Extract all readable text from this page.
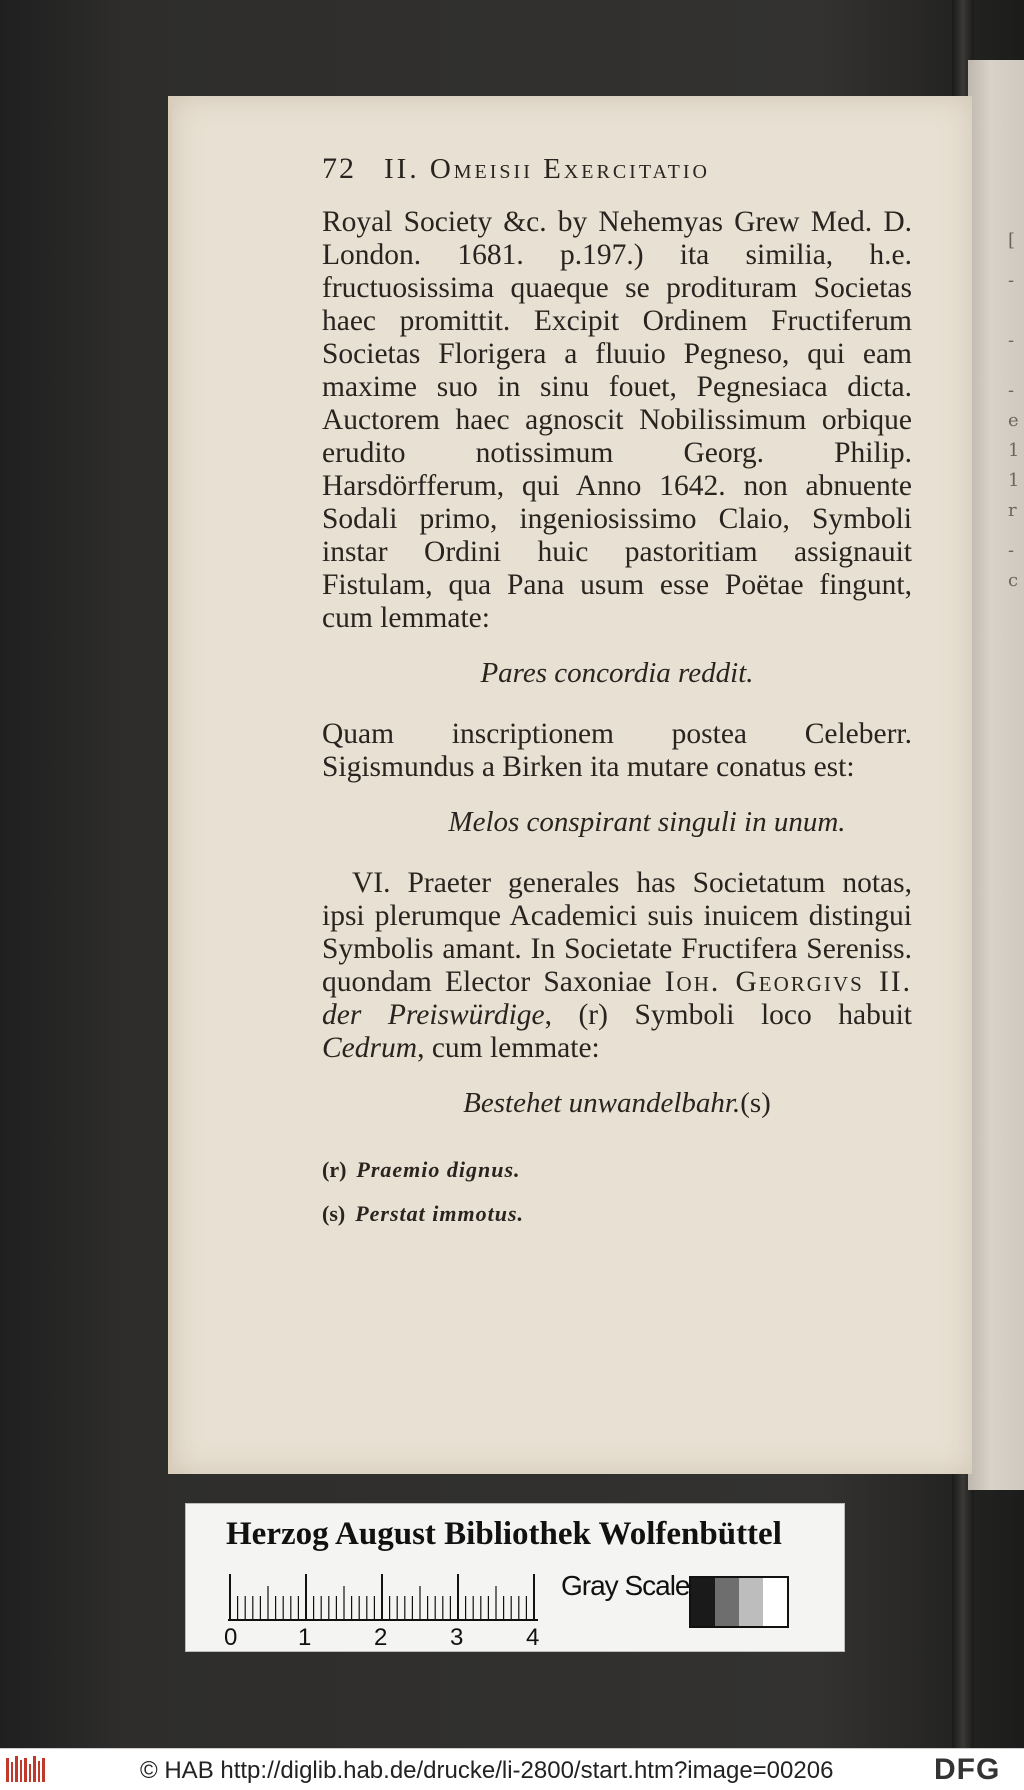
[
-
-
-
1
e
1
r
c
-
72 II. Omeisii Exercitatio

Royal Society &c. by Nehemyas Grew Med. D. London. 1681. p.197.) ita similia, h.e. fructuosissima quaeque se prodituram Societas haec promittit. Excipit Ordinem Fructiferum Societas Florigera a fluuio Pegneso, qui eam maxime suo in sinu fouet, Pegnesiaca dicta. Auctorem haec agnoscit Nobilissimum orbique erudito notissimum Georg. Philip. Harsdörfferum, qui Anno 1642. non abnuente Sodali primo, ingeniosissimo Claio, Symboli instar Ordini huic pastoritiam assignauit Fistulam, qua Pana usum esse Poëtae fingunt, cum lemmate:

Pares concordia reddit.

Quam inscriptionem postea Celeberr. Sigismundus a Birken ita mutare conatus est:

Melos conspirant singuli in unum.

VI. Praeter generales has Societatum notas, ipsi plerumque Academici suis inuicem distingui Symbolis amant. In Societate Fructifera Sereniss. quondam Elector Saxoniae Ioh. Georgivs II. der Preiswürdige, (r) Symboli loco habuit Cedrum, cum lemmate:

Bestehet unwandelbahr.(s)
(r) Praemio dignus.
(s) Perstat immotus.
Herzog August Bibliothek Wolfenbüttel
0	1	2	3	4
Gray Scale
© HAB http://diglib.hab.de/drucke/li-2800/start.htm?image=00206	DFG
